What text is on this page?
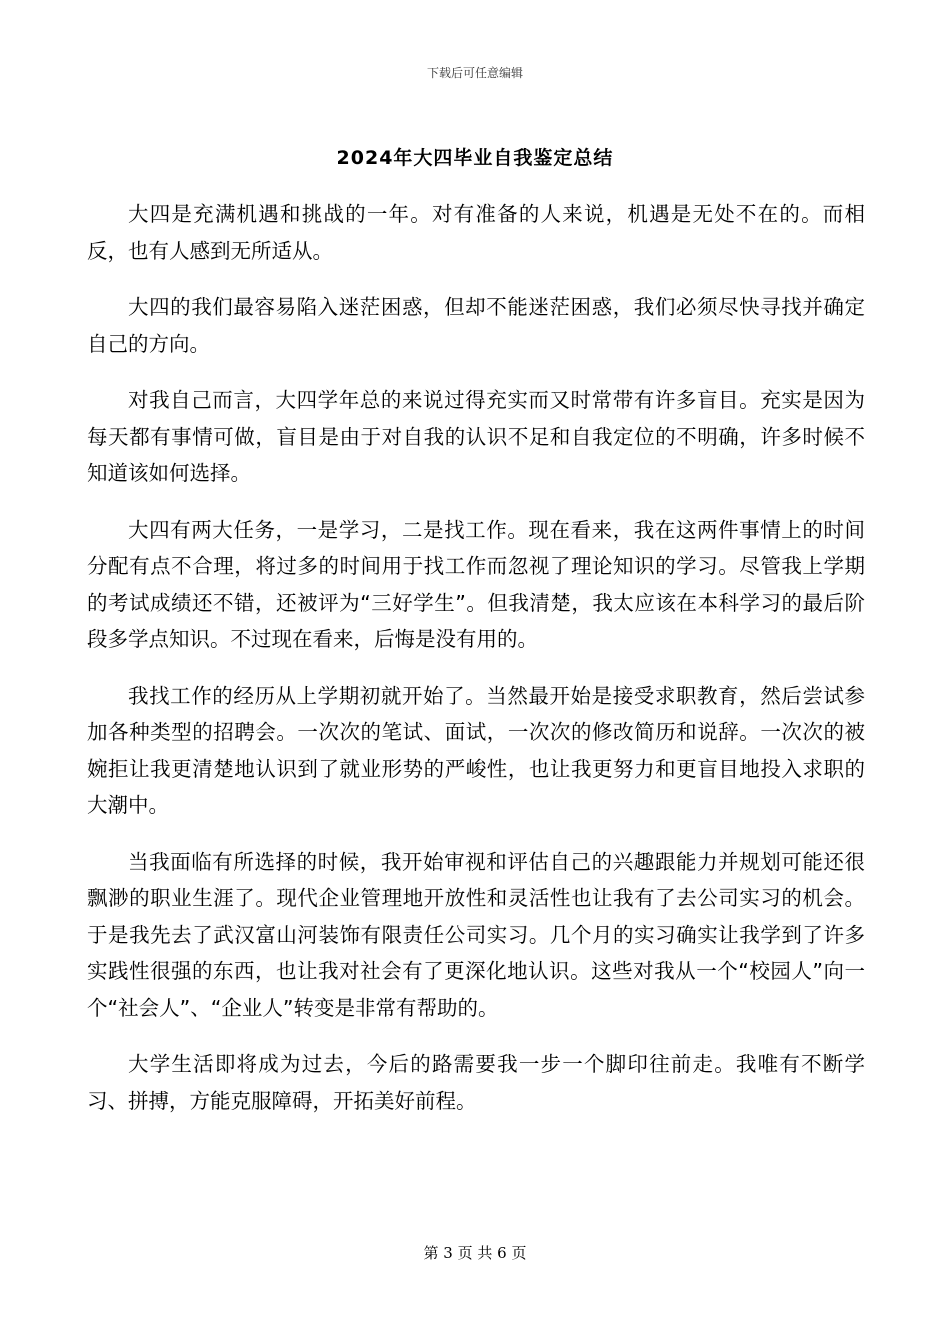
下载后可任意编辑
2024年大四毕业自我鉴定总结

大四是充满机遇和挑战的一年。对有准备的人来说，机遇是无处不在的。而相反，也有人感到无所适从。

大四的我们最容易陷入迷茫困惑，但却不能迷茫困惑，我们必须尽快寻找并确定自己的方向。

对我自己而言，大四学年总的来说过得充实而又时常带有许多盲目。充实是因为每天都有事情可做，盲目是由于对自我的认识不足和自我定位的不明确，许多时候不知道该如何选择。

大四有两大任务，一是学习，二是找工作。现在看来，我在这两件事情上的时间分配有点不合理，将过多的时间用于找工作而忽视了理论知识的学习。尽管我上学期的考试成绩还不错，还被评为“三好学生”。但我清楚，我太应该在本科学习的最后阶段多学点知识。不过现在看来，后悔是没有用的。

我找工作的经历从上学期初就开始了。当然最开始是接受求职教育，然后尝试参加各种类型的招聘会。一次次的笔试、面试，一次次的修改简历和说辞。一次次的被婉拒让我更清楚地认识到了就业形势的严峻性，也让我更努力和更盲目地投入求职的大潮中。

当我面临有所选择的时候，我开始审视和评估自己的兴趣跟能力并规划可能还很飘渺的职业生涯了。现代企业管理地开放性和灵活性也让我有了去公司实习的机会。于是我先去了武汉富山河装饰有限责任公司实习。几个月的实习确实让我学到了许多实践性很强的东西，也让我对社会有了更深化地认识。这些对我从一个“校园人”向一个“社会人”、“企业人”转变是非常有帮助的。

大学生活即将成为过去，今后的路需要我一步一个脚印往前走。我唯有不断学习、拼搏，方能克服障碍，开拓美好前程。

第 3 页 共 6 页
